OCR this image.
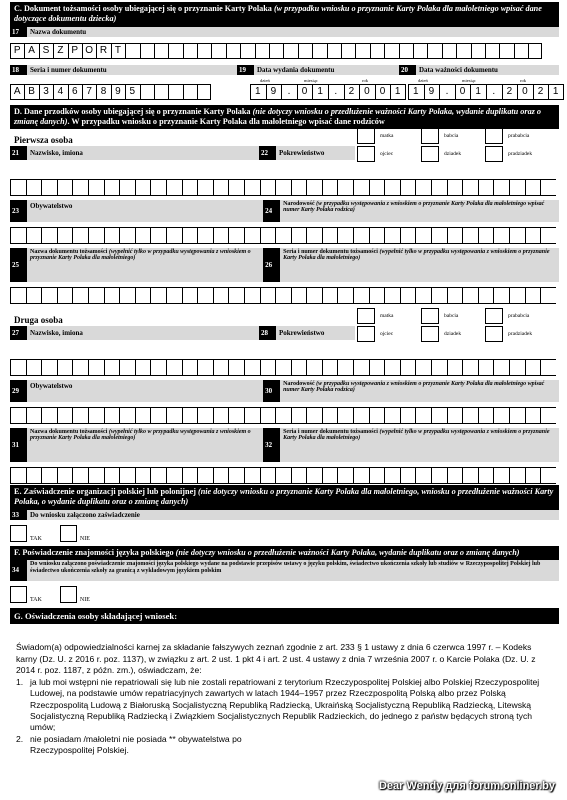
C. Dokument tożsamości osoby ubiegającej się o przyznanie Karty Polaka (w przypadku wniosku o przyznanie Karty Polaka dla małoletniego wpisać dane dotyczące dokumentu dziecka)
17	Nazwa dokumentu
P A S Z P O R T
18	Seria i numer dokumentu	19	Data wydania dokumentu	20	Data ważności dokumentu
A B 3 4 6 7 8 9 5
dzień	miesiąc	rok
1 9	.	0 1	.	2 0 0 1
dzień	miesiąc	rok
1 9	.	0 1	.	2 0 2 1
D. Dane przodków osoby ubiegającej się o przyznanie Karty Polaka (nie dotyczy wniosku o przedłużenie ważności Karty Polaka, wydanie duplikatu oraz o zmianę danych). W przypadku wniosku o przyznanie Karty Polaka dla małoletniego wpisać dane rodziców
Pierwsza osoba
21	Nazwisko, imiona	22	Pokrewieństwo
matka	babcia	prababcia
ojciec	dziadek	pradziadek
23
Obywatelstwo
24
Narodowość (w przypadku występowania z wnioskiem o przyznanie Karty Polaka dla małoletniego wpisać numer Karty Polaka rodzica)
25
Nazwa dokumentu tożsamości (wypełnić tylko w przypadku występowania z wnioskiem o przyznanie Karty Polaka dla małoletniego)
26
Seria i numer dokumentu tożsamości (wypełnić tylko w przypadku występowania z wnioskiem o przyznanie Karty Polaka dla małoletniego)
Druga osoba
27	Nazwisko, imiona	28	Pokrewieństwo
matka	babcia	prababcia
ojciec	dziadek	pradziadek
29
Obywatelstwo
30
Narodowość (w przypadku występowania z wnioskiem o przyznanie Karty Polaka dla małoletniego wpisać numer Karty Polaka rodzica)
31
Nazwa dokumentu tożsamości (wypełnić tylko w przypadku występowania z wnioskiem o przyznanie Karty Polaka dla małoletniego)
32
Seria i numer dokumentu tożsamości (wypełnić tylko w przypadku występowania z wnioskiem o przyznanie Karty Polaka dla małoletniego)
E. Zaświadczenie organizacji polskiej lub polonijnej (nie dotyczy wniosku o przyznanie Karty Polaka dla małoletniego, wniosku o przedłużenie ważności Karty Polaka, o wydanie duplikatu oraz o zmianę danych)
33	Do wniosku załączono zaświadczenie
TAK	NIE
F. Poświadczenie znajomości języka polskiego (nie dotyczy wniosku o przedłużenie ważności Karty Polaka, wydanie duplikatu oraz o zmianę danych)
34
Do wniosku załączono poświadczenie znajomości języka polskiego wydane na podstawie przepisów ustawy o języku polskim, świadectwo ukończenia szkoły lub studiów w Rzeczypospolitej Polskiej lub świadectwo ukończenia szkoły za granicą z wykładowym językiem polskim
TAK	NIE
G. Oświadczenia osoby składającej wniosek:

Świadom(a) odpowiedzialności karnej za składanie fałszywych zeznań zgodnie z art. 233 § 1 ustawy z dnia 6 czerwca 1997 r. – Kodeks karny (Dz. U. z 2016 r. poz. 1137), w związku z art. 2 ust. 1 pkt 4 i art. 2 ust. 4 ustawy z dnia 7 września 2007 r. o Karcie Polaka (Dz. U. z 2014 r. poz. 1187, z późn. zm.), oświadczam, że:

1. ja lub moi wstępni nie repatriowali się lub nie zostali repatriowani z terytorium Rzeczypospolitej Polskiej albo Polskiej Rzeczypospolitej Ludowej, na podstawie umów repatriacyjnych zawartych w latach 1944–1957 przez Rzeczpospolitą Polską albo przez Polską Rzeczpospolitą Ludową z Białoruską Socjalistyczną Republiką Radziecką, Ukraińską Socjalistyczną Republiką Radziecką, Litewską Socjalistyczną Republiką Radziecką i Związkiem Socjalistycznych Republik Radzieckich, do jednego z państw będących stroną tych umów;
2. nie posiadam /małoletni nie posiada ** obywatelstwa po
Rzeczypospolitej Polskiej.
Dear Wendy для forum.onliner.by
